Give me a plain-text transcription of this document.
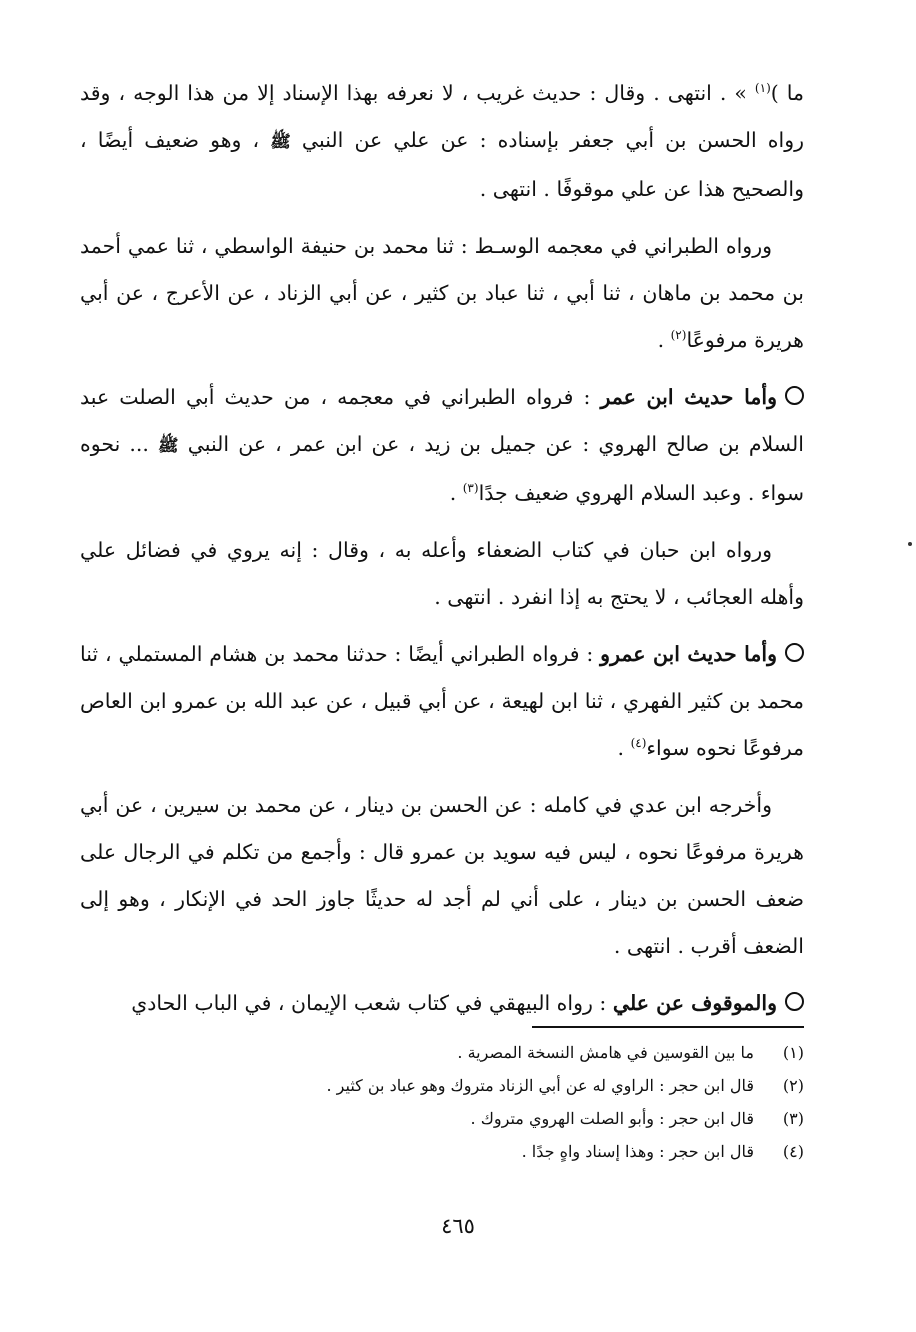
ما )$^{(١)}$ » . انتهى . وقال : حديث غريب ، لا نعرفه بهذا الإسناد إلا من هذا الوجه ، وقد رواه الحسن بن أبي جعفر بإسناده : عن علي عن النبي ﷺ ، وهو ضعيف أيضًا ، والصحيح هذا عن علي موقوفًا . انتهى .

ورواه الطبراني في معجمه الوسـط : ثنا محمد بن حنيفة الواسطي ، ثنا عمي أحمد بن محمد بن ماهان ، ثنا أبي ، ثنا عباد بن كثير ، عن أبي الزناد ، عن الأعرج ، عن أبي هريرة مرفوعًا$^{(٢)}$ .

وأما حديث ابن عمر : فرواه الطبراني في معجمه ، من حديث أبي الصلت عبد السلام بن صالح الهروي : عن جميل بن زيد ، عن ابن عمر ، عن النبي ﷺ ... نحوه سواء . وعبد السلام الهروي ضعيف جدًا$^{(٣)}$ .

ورواه ابن حبان في كتاب الضعفاء وأعله به ، وقال : إنه يروي في فضائل علي وأهله العجائب ، لا يحتج به إذا انفرد . انتهى .

وأما حديث ابن عمرو : فرواه الطبراني أيضًا : حدثنا محمد بن هشام المستملي ، ثنا محمد بن كثير الفهري ، ثنا ابن لهيعة ، عن أبي قبيل ، عن عبد الله بن عمرو ابن العاص مرفوعًا نحوه سواء$^{(٤)}$ .

وأخرجه ابن عدي في كامله : عن الحسن بن دينار ، عن محمد بن سيرين ، عن أبي هريرة مرفوعًا نحوه ، ليس فيه سويد بن عمرو قال : وأجمع من تكلم في الرجال على ضعف الحسن بن دينار ، على أني لم أجد له حديثًا جاوز الحد في الإنكار ، وهو إلى الضعف أقرب . انتهى .

والموقوف عن علي : رواه البيهقي في كتاب شعب الإيمان ، في الباب الحادي

(١)
ما بين القوسين في هامش النسخة المصرية .
(٢)
قال ابن حجر : الراوي له عن أبي الزناد متروك وهو عباد بن كثير .
(٣)
قال ابن حجر : وأبو الصلت الهروي متروك .
(٤)
قال ابن حجر : وهذا إسناد واهٍ جدًا .
٤٦٥
